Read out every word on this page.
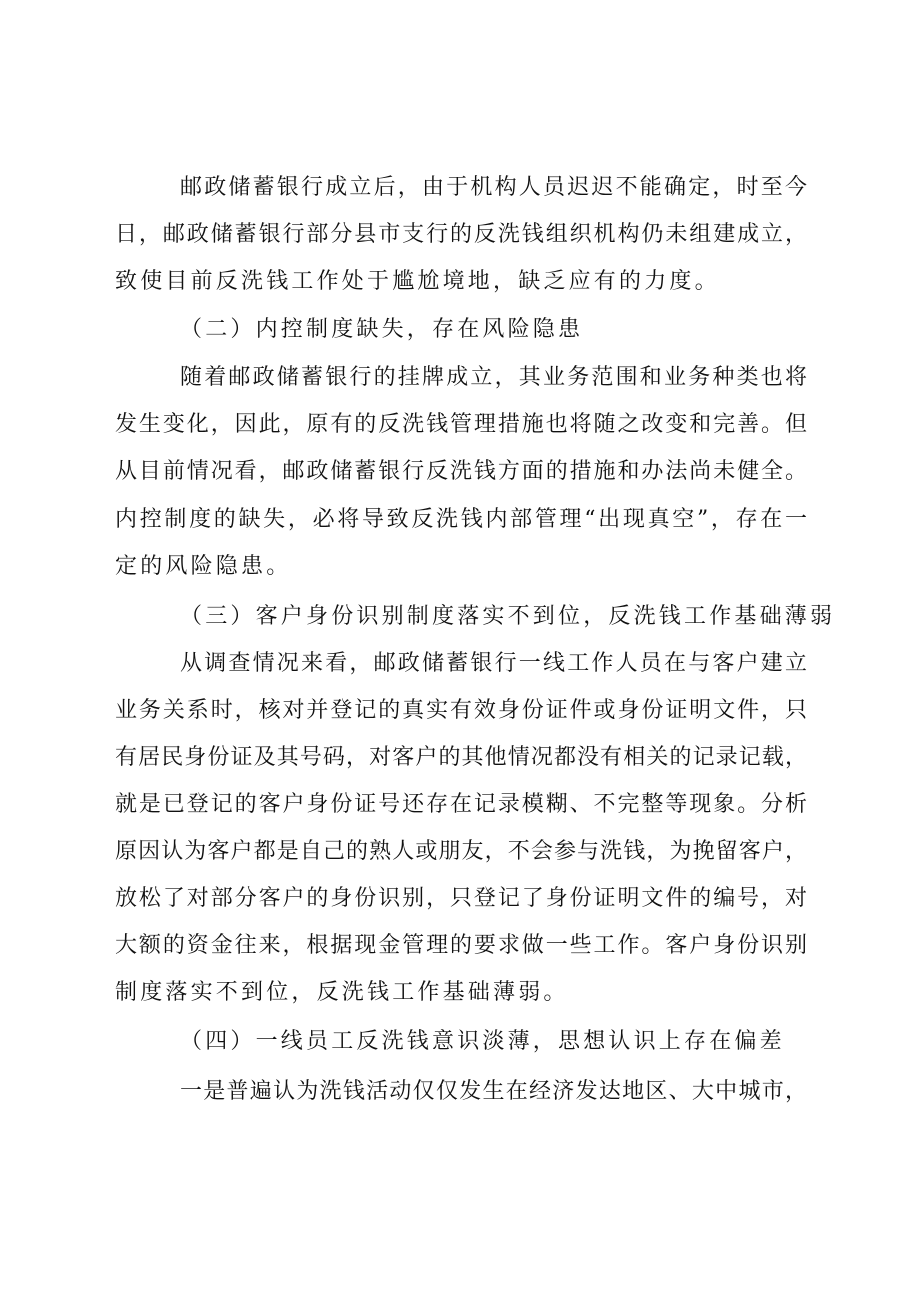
邮政储蓄银行成立后，由于机构人员迟迟不能确定，时至今
日，邮政储蓄银行部分县市支行的反洗钱组织机构仍未组建成立，
致使目前反洗钱工作处于尴尬境地，缺乏应有的力度。
（二）内控制度缺失，存在风险隐患
随着邮政储蓄银行的挂牌成立，其业务范围和业务种类也将
发生变化，因此，原有的反洗钱管理措施也将随之改变和完善。但
从目前情况看，邮政储蓄银行反洗钱方面的措施和办法尚未健全。
内控制度的缺失，必将导致反洗钱内部管理“出现真空”，存在一
定的风险隐患。
（三）客户身份识别制度落实不到位，反洗钱工作基础薄弱
从调查情况来看，邮政储蓄银行一线工作人员在与客户建立
业务关系时，核对并登记的真实有效身份证件或身份证明文件，只
有居民身份证及其号码，对客户的其他情况都没有相关的记录记载，
就是已登记的客户身份证号还存在记录模糊、不完整等现象。分析
原因认为客户都是自己的熟人或朋友，不会参与洗钱，为挽留客户，
放松了对部分客户的身份识别，只登记了身份证明文件的编号，对
大额的资金往来，根据现金管理的要求做一些工作。客户身份识别
制度落实不到位，反洗钱工作基础薄弱。
（四）一线员工反洗钱意识淡薄，思想认识上存在偏差
一是普遍认为洗钱活动仅仅发生在经济发达地区、大中城市，
